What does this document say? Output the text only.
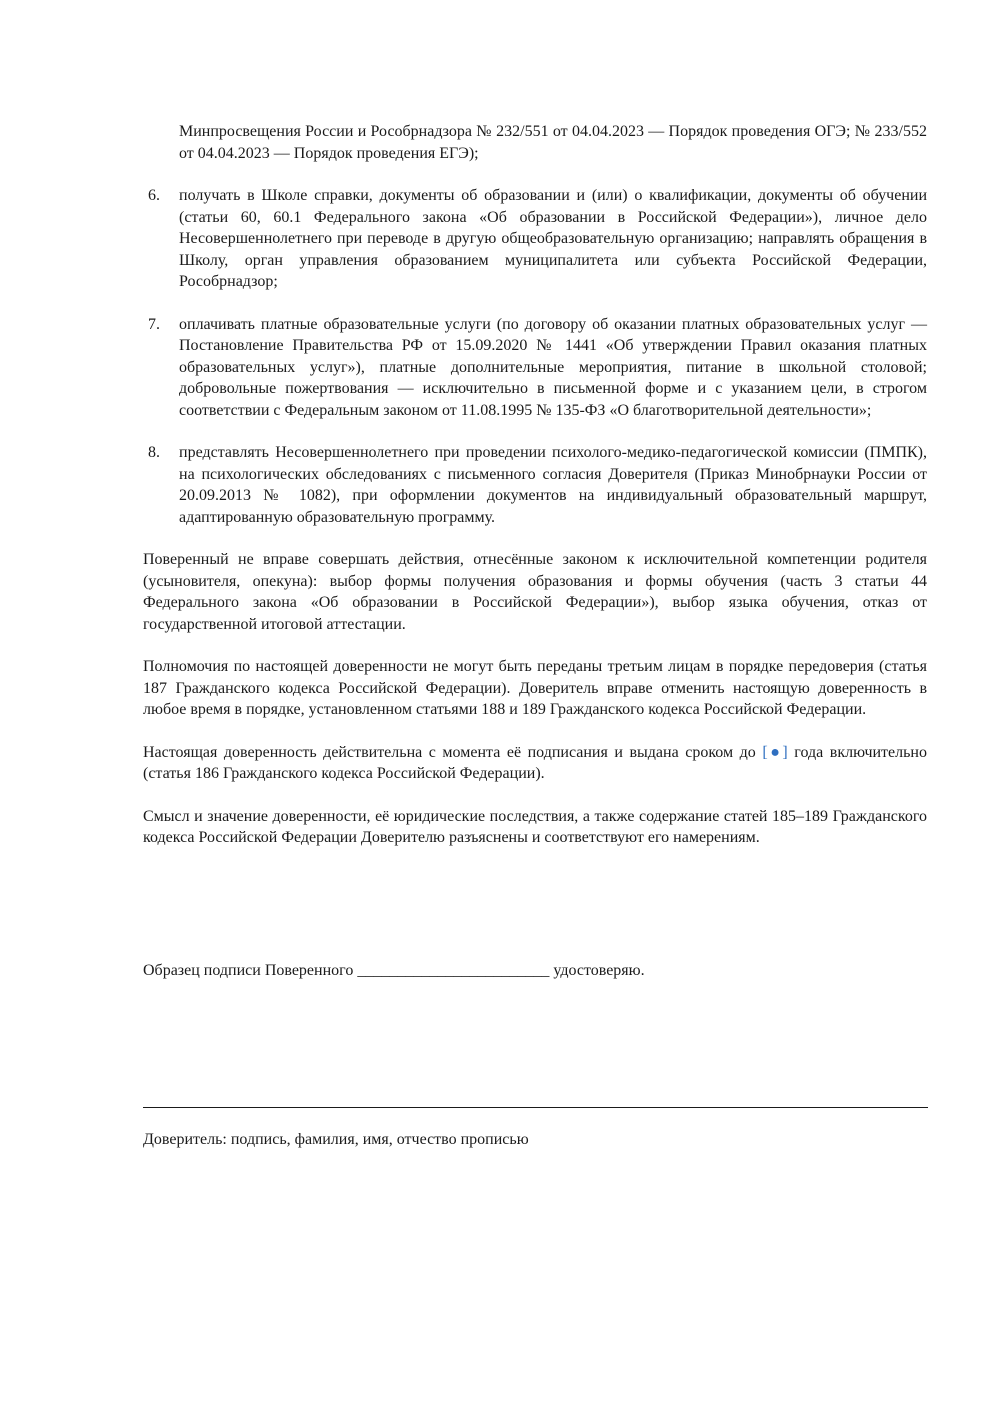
Минпросвещения России и Рособрнадзора № 232/551 от 04.04.2023 — Порядок проведения ОГЭ; № 233/552 от 04.04.2023 — Порядок проведения ЕГЭ);

6. получать в Школе справки, документы об образовании и (или) о квалификации, документы об обучении (статьи 60, 60.1 Федерального закона «Об образовании в Российской Федерации»), личное дело Несовершеннолетнего при переводе в другую общеобразовательную организацию; направлять обращения в Школу, орган управления образованием муниципалитета или субъекта Российской Федерации, Рособрнадзор;
7. оплачивать платные образовательные услуги (по договору об оказании платных образовательных услуг — Постановление Правительства РФ от 15.09.2020 № 1441 «Об утверждении Правил оказания платных образовательных услуг»), платные дополнительные мероприятия, питание в школьной столовой; добровольные пожертвования — исключительно в письменной форме и с указанием цели, в строгом соответствии с Федеральным законом от 11.08.1995 № 135-ФЗ «О благотворительной деятельности»;
8. представлять Несовершеннолетнего при проведении психолого-медико-педагогической комиссии (ПМПК), на психологических обследованиях с письменного согласия Доверителя (Приказ Минобрнауки России от 20.09.2013 № 1082), при оформлении документов на индивидуальный образовательный маршрут, адаптированную образовательную программу.

Поверенный не вправе совершать действия, отнесённые законом к исключительной компетенции родителя (усыновителя, опекуна): выбор формы получения образования и формы обучения (часть 3 статьи 44 Федерального закона «Об образовании в Российской Федерации»), выбор языка обучения, отказ от государственной итоговой аттестации.

Полномочия по настоящей доверенности не могут быть переданы третьим лицам в порядке передоверия (статья 187 Гражданского кодекса Российской Федерации). Доверитель вправе отменить настоящую доверенность в любое время в порядке, установленном статьями 188 и 189 Гражданского кодекса Российской Федерации.

Настоящая доверенность действительна с момента её подписания и выдана сроком до [●] года включительно (статья 186 Гражданского кодекса Российской Федерации).

Смысл и значение доверенности, её юридические последствия, а также содержание статей 185–189 Гражданского кодекса Российской Федерации Доверителю разъяснены и соответствуют его намерениям.

Образец подписи Поверенного ________________________ удостоверяю.
Доверитель: подпись, фамилия, имя, отчество прописью
